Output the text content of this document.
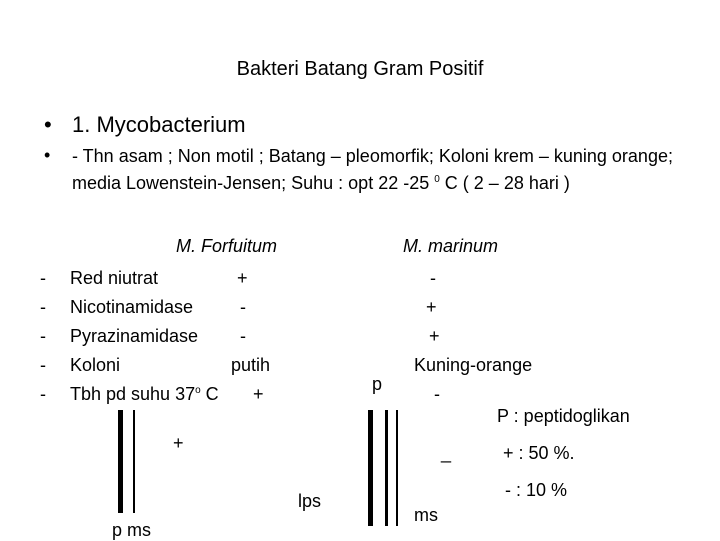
Bakteri Batang Gram Positif
• 1. Mycobacterium
• - Thn asam ; Non motil ; Batang – pleomorfik; Koloni krem – kuning orange; media Lowenstein-Jensen; Suhu : opt 22 -25 $^0$ C ( 2 – 28 hari )
M. Forfuitum	M. marinum
- Red niutrat	+	-
- Nicotinamidase	-	+
- Pyrazinamidase -	+
- Koloni	putih	Kuning-orange
- Tbh pd suhu 37$^o$ C +	-
+
p ms
lps
p
_
ms
P : peptidoglikan
+ : 50 %.
- : 10 %
